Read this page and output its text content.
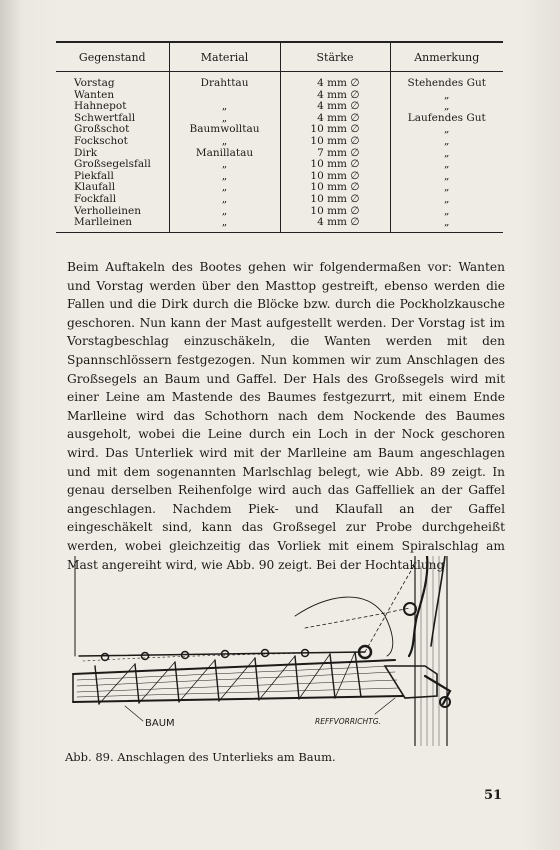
Gegenstand	Material	Stärke	Anmerkung
Vorstag	Drahttau	4 mm ∅	Stehendes Gut
Wanten		4 mm ∅	„
Hahnepot	„	4 mm ∅	„
Schwertfall	„	4 mm ∅	Laufendes Gut
Großschot	Baumwolltau	10 mm ∅	„
Fockschot	„	10 mm ∅	„
Dirk	Manillatau	7 mm ∅	„
Großsegelsfall	„	10 mm ∅	„
Piekfall	„	10 mm ∅	„
Klaufall	„	10 mm ∅	„
Fockfall	„	10 mm ∅	„
Verholleinen	„	10 mm ∅	„
Marlleinen	„	4 mm ∅	„

Beim Auftakeln des Bootes gehen wir folgendermaßen vor: Wanten und Vorstag werden über den Masttop gestreift, ebenso werden die Fallen und die Dirk durch die Blöcke bzw. durch die Pockholzkausche geschoren. Nun kann der Mast aufgestellt werden. Der Vorstag ist im Vorstagbeschlag einzuschäkeln, die Wanten werden mit den Spannschlössern festgezogen. Nun kommen wir zum Anschlagen des Großsegels an Baum und Gaffel. Der Hals des Großsegels wird mit einer Leine am Mastende des Baumes festgezurrt, mit einem Ende Marlleine wird das Schothorn nach dem Nockende des Baumes ausgeholt, wobei die Leine durch ein Loch in der Nock geschoren wird. Das Unterliek wird mit der Marlleine am Baum angeschlagen und mit dem sogenannten Marlschlag belegt, wie Abb. 89 zeigt. In genau derselben Reihenfolge wird auch das Gaffelliek an der Gaffel angeschlagen. Nachdem Piek- und Klaufall an der Gaffel eingeschäkelt sind, kann das Großsegel zur Probe durchgeheißt werden, wobei gleichzeitig das Vorliek mit einem Spiralschlag am Mast angereiht wird, wie Abb. 90 zeigt. Bei der Hochtaklung

BAUM	REFFVORRICHTG.

Abb. 89. Anschlagen des Unterlieks am Baum.

51
